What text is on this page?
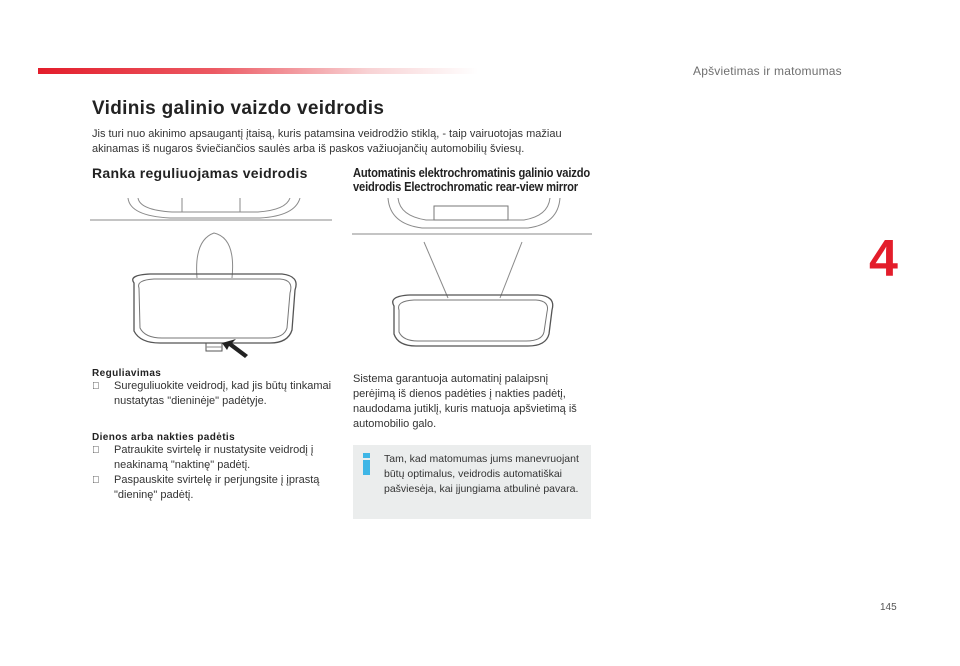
Apšvietimas ir matomumas
4
145
Vidinis galinio vaizdo veidrodis
Jis turi nuo akinimo apsaugantį įtaisą, kuris patamsina veidrodžio stiklą, - taip vairuotojas mažiau akinamas iš nugaros šviečiančios saulės arba iš paskos važiuojančių automobilių šviesų.
Ranka reguliuojamas veidrodis	Automatinis elektrochromatinis galinio vaizdo veidrodis Electrochromatic rear-view mirror
Reguliavimas
Sureguliuokite veidrodį, kad jis būtų tinkamai nustatytas "dieninėje" padėtyje.
Dienos arba nakties padėtis
Patraukite svirtelę ir nustatysite veidrodį į neakinamą "naktinę" padėtį.
Paspauskite svirtelę ir perjungsite į įprastą "dieninę" padėtį.
Sistema garantuoja automatinį palaipsnį perėjimą iš dienos padėties į nakties padėtį, naudodama jutiklį, kuris matuoja apšvietimą iš automobilio galo.
Tam, kad matomumas jums manevruojant būtų optimalus, veidrodis automatiškai pašviesėja, kai įjungiama atbulinė pavara.
